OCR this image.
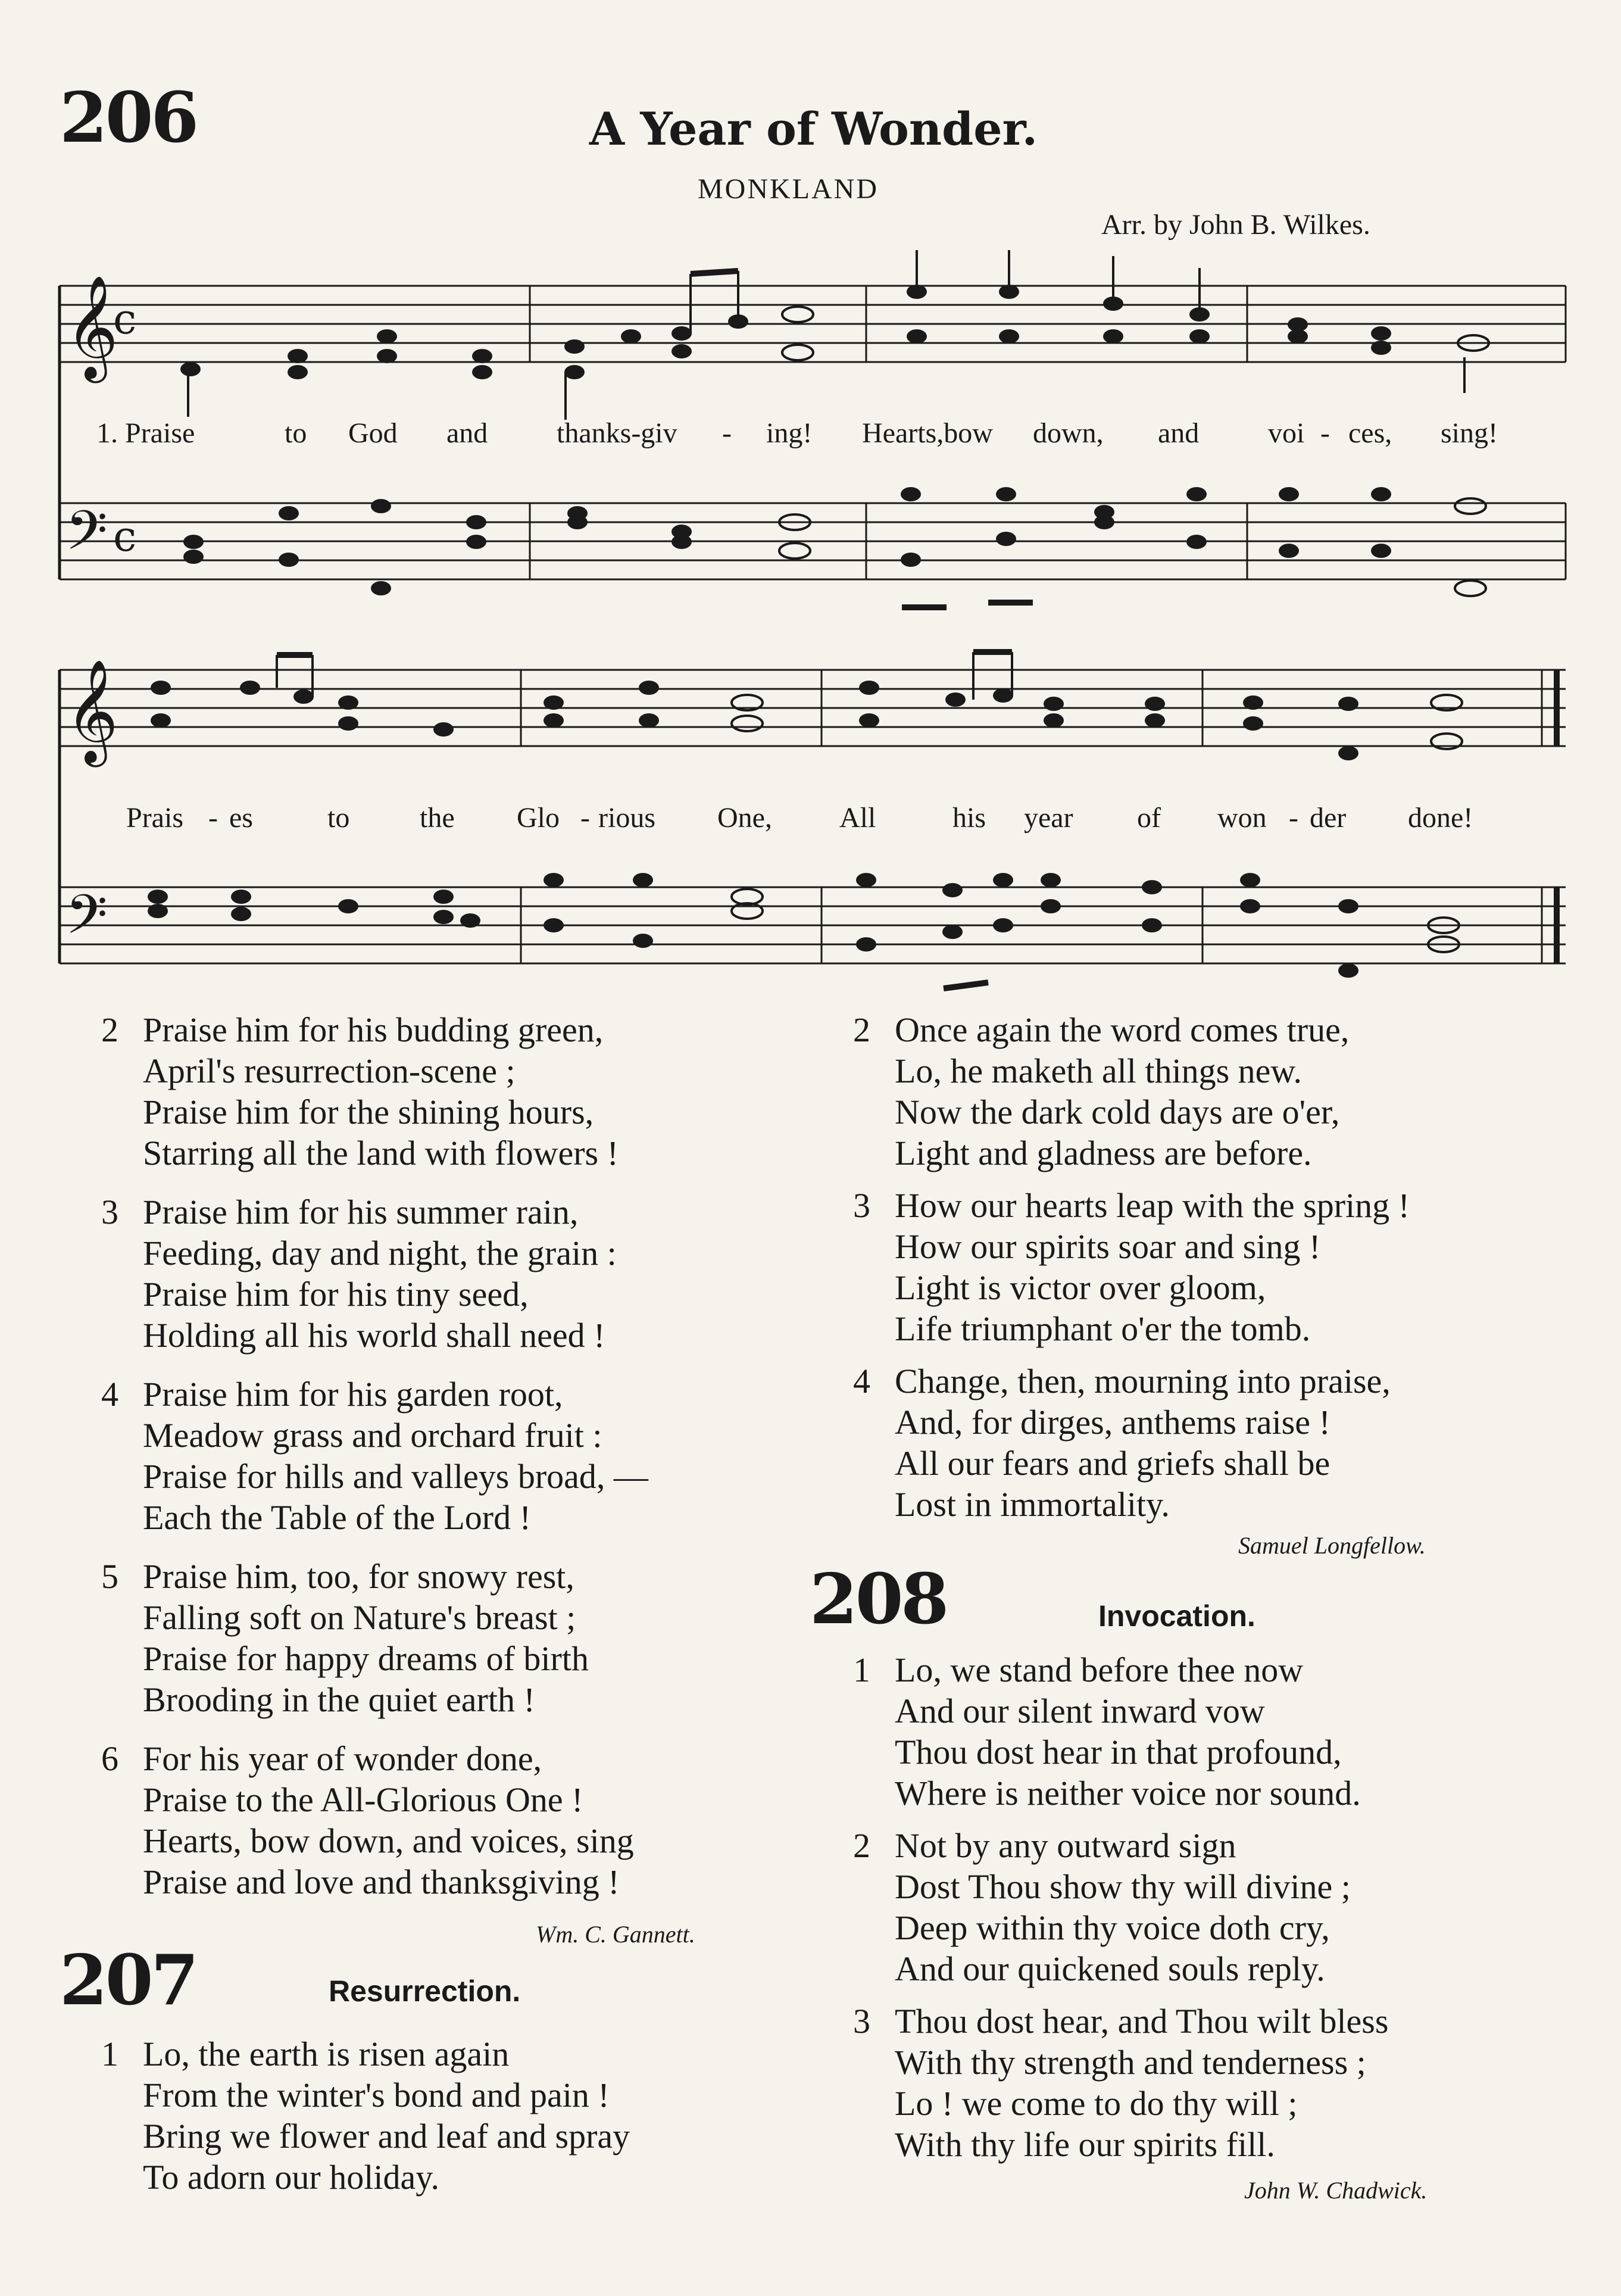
206	A Year of Wonder.
MONKLAND
Arr. by John B. Wilkes.
𝄞
𝄢
𝄞
𝄢
c
c
1. Praise	to God and thanks-giv - ing! Hearts,bow down, and voi - ces, sing!
Prais - es	to the Glo - rious One, All	his year of won - der done!
2 Praise him for his budding green,
April's resurrection-scene ;
Praise him for the shining hours,
Starring all the land with flowers !
3 Praise him for his summer rain,
Feeding, day and night, the grain :
Praise him for his tiny seed,
Holding all his world shall need !
4 Praise him for his garden root,
Meadow grass and orchard fruit :
Praise for hills and valleys broad, —
Each the Table of the Lord !
5 Praise him, too, for snowy rest,
Falling soft on Nature's breast ;
Praise for happy dreams of birth
Brooding in the quiet earth !
6 For his year of wonder done,
Praise to the All-Glorious One !
Hearts, bow down, and voices, sing
Praise and love and thanksgiving !
Wm. C. Gannett.
207	Resurrection.
1 Lo, the earth is risen again
From the winter's bond and pain !
Bring we flower and leaf and spray
To adorn our holiday.
2 Once again the word comes true,
Lo, he maketh all things new.
Now the dark cold days are o'er,
Light and gladness are before.
3 How our hearts leap with the spring !
How our spirits soar and sing !
Light is victor over gloom,
Life triumphant o'er the tomb.
4 Change, then, mourning into praise,
And, for dirges, anthems raise !
All our fears and griefs shall be
Lost in immortality.
Samuel Longfellow.
208	Invocation.
1 Lo, we stand before thee now
And our silent inward vow
Thou dost hear in that profound,
Where is neither voice nor sound.
2 Not by any outward sign
Dost Thou show thy will divine ;
Deep within thy voice doth cry,
And our quickened souls reply.
3 Thou dost hear, and Thou wilt bless
With thy strength and tenderness ;
Lo ! we come to do thy will ;
With thy life our spirits fill.
John W. Chadwick.
